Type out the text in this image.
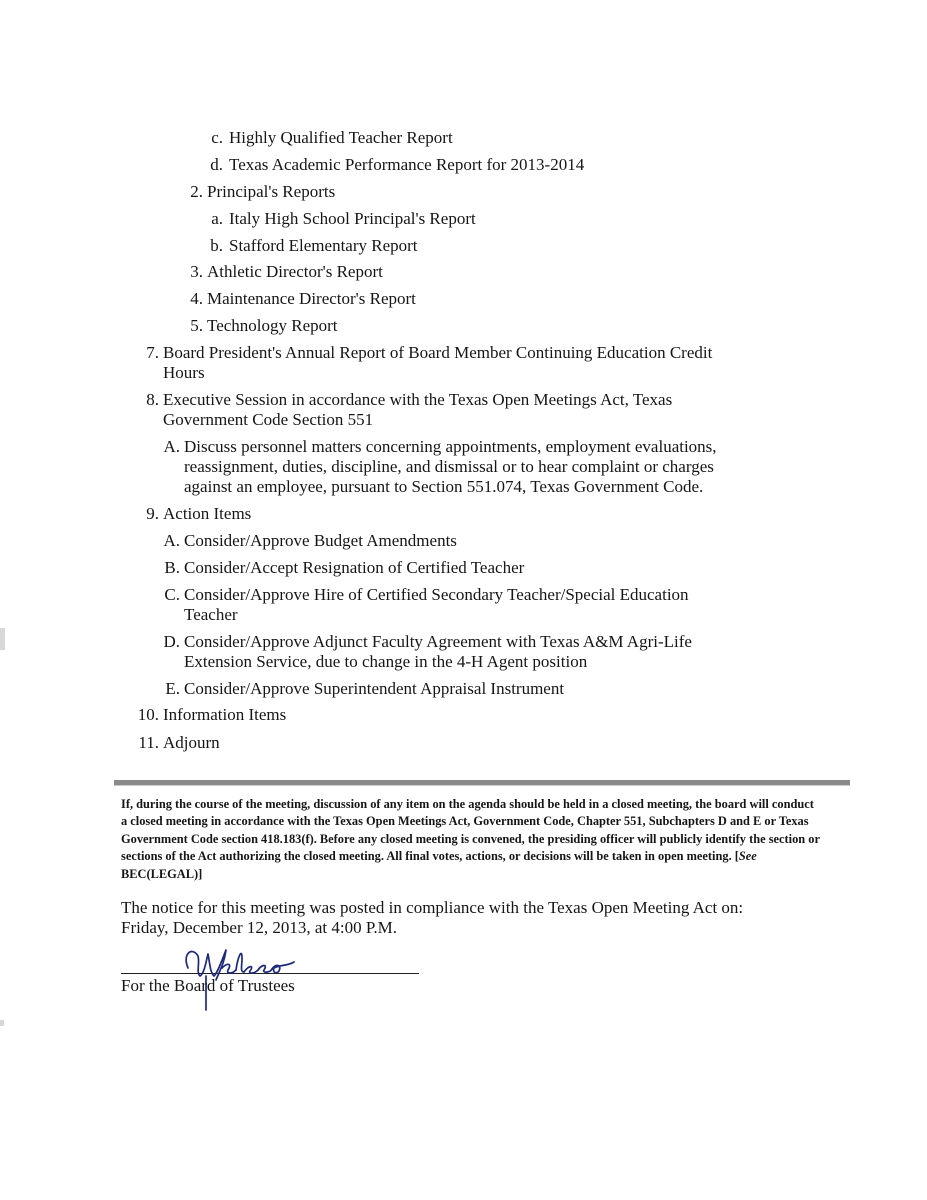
c. Highly Qualified Teacher Report

d. Texas Academic Performance Report for 2013-2014

2. Principal's Reports

a. Italy High School Principal's Report

b. Stafford Elementary Report

3. Athletic Director's Report

4. Maintenance Director's Report

5. Technology Report

7. Board President's Annual Report of Board Member Continuing Education Credit

Hours

8. Executive Session in accordance with the Texas Open Meetings Act, Texas

Government Code Section 551

A. Discuss personnel matters concerning appointments, employment evaluations,

reassignment, duties, discipline, and dismissal or to hear complaint or charges

against an employee, pursuant to Section 551.074, Texas Government Code.

9. Action Items

A. Consider/Approve Budget Amendments

B. Consider/Accept Resignation of Certified Teacher

C. Consider/Approve Hire of Certified Secondary Teacher/Special Education

Teacher

D. Consider/Approve Adjunct Faculty Agreement with Texas A&M Agri-Life

Extension Service, due to change in the 4-H Agent position

E. Consider/Approve Superintendent Appraisal Instrument

10. Information Items

11. Adjourn

If, during the course of the meeting, discussion of any item on the agenda should be held in a closed meeting, the board will conduct a closed meeting in accordance with the Texas Open Meetings Act, Government Code, Chapter 551, Subchapters D and E or Texas Government Code section 418.183(f). Before any closed meeting is convened, the presiding officer will publicly identify the section or sections of the Act authorizing the closed meeting. All final votes, actions, or decisions will be taken in open meeting. [See BEC(LEGAL)]

The notice for this meeting was posted in compliance with the Texas Open Meeting Act on:
Friday, December 12, 2013, at 4:00 P.M.

For the Board of Trustees
